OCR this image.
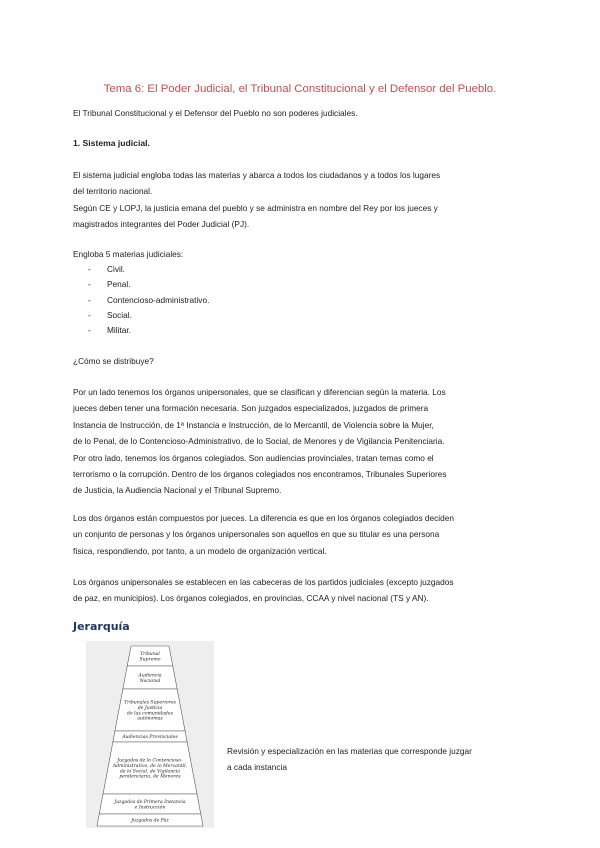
Tema 6: El Poder Judicial, el Tribunal Constitucional y el Defensor del Pueblo.

El Tribunal Constitucional y el Defensor del Pueblo no son poderes judiciales.

1. Sistema judicial.

El sistema judicial engloba todas las materias y abarca a todos los ciudadanos y a todos los lugares
del territorio nacional.
Según CE y LOPJ, la justicia emana del pueblo y se administra en nombre del Rey por los jueces y
magistrados integrantes del Poder Judicial (PJ).

Engloba 5 materias judiciales:

- Civil.
- Penal.
- Contencioso-administrativo.
- Social.
- Militar.

¿Cómo se distribuye?

Por un lado tenemos los órganos unipersonales, que se clasifican y diferencian según la materia. Los
jueces deben tener una formación necesaria. Son juzgados especializados, juzgados de primera
Instancia de Instrucción, de 1ª Instancia e Instrucción, de lo Mercantil, de Violencia sobre la Mujer,
de lo Penal, de lo Contencioso-Administrativo, de lo Social, de Menores y de Vigilancia Penitenciaria.
Por otro lado, tenemos los órganos colegiados. Son audiencias provinciales, tratan temas como el
terrorismo o la corrupción. Dentro de los órganos colegiados nos encontramos, Tribunales Superiores
de Justicia, la Audiencia Nacional y el Tribunal Supremo.
Los dos órganos están compuestos por jueces. La diferencia es que en los órganos colegiados deciden
un conjunto de personas y los órganos unipersonales son aquellos en que su titular es una persona
física, respondiendo, por tanto, a un modelo de organización vertical.
Los órganos unipersonales se establecen en las cabeceras de los partidos judiciales (excepto juzgados
de paz, en municipios). Los órganos colegiados, en provincias, CCAA y nivel nacional (TS y AN).
Jerarquía
Tribunal
Supremo
Audiencia
Nacional
Tribunales Superiores
de Justicia
de las comunidades
autónomas
Audiencias Provinciales
Juzgados de lo Contencioso-
Administrativo, de lo Mercantil,
de lo Social, de Vigilancia
penitenciaria, de Menores
Juzgados de Primera Instancia
e Instrucción
Juzgados de Paz
Revisión y especialización en las materias que corresponde juzgar
a cada instancia
